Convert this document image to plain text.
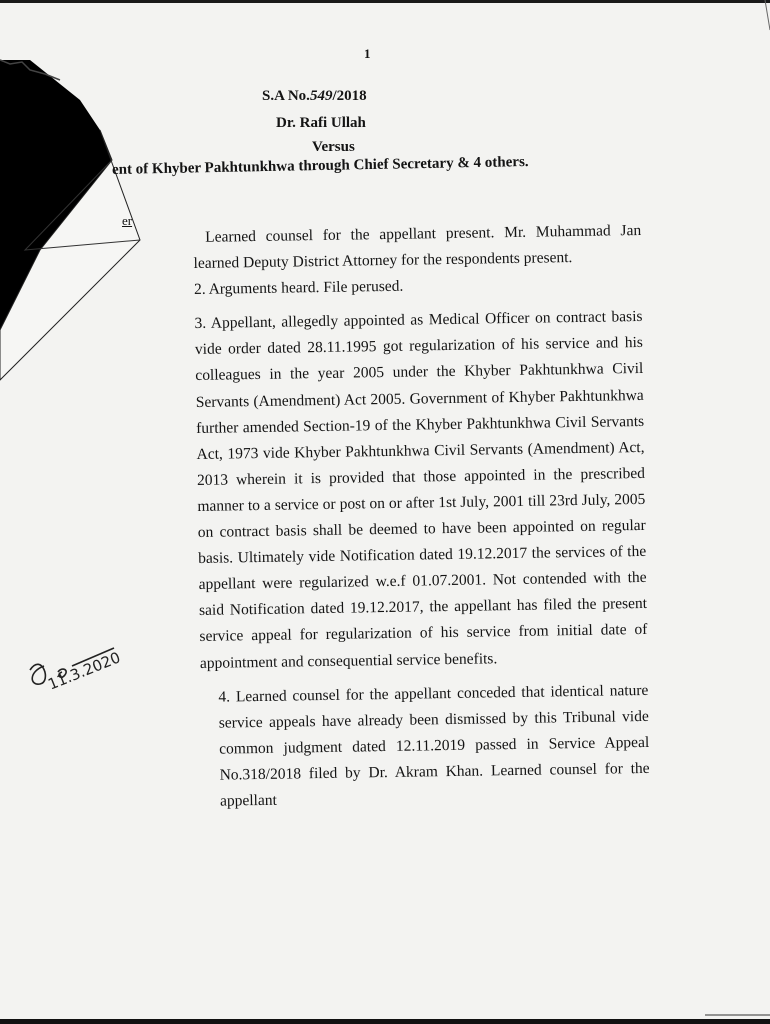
1
S.A No.549/2018
Dr. Rafi Ullah
Versus
ent of Khyber Pakhtunkhwa through Chief Secretary & 4 others.
er

Learned counsel for the appellant present. Mr. Muhammad Jan learned Deputy District Attorney for the respondents present.

2. Arguments heard. File perused.

3. Appellant, allegedly appointed as Medical Officer on contract basis vide order dated 28.11.1995 got regularization of his service and his colleagues in the year 2005 under the Khyber Pakhtunkhwa Civil Servants (Amendment) Act 2005. Government of Khyber Pakhtunkhwa further amended Section-19 of the Khyber Pakhtunkhwa Civil Servants Act, 1973 vide Khyber Pakhtunkhwa Civil Servants (Amendment) Act, 2013 wherein it is provided that those appointed in the prescribed manner to a service or post on or after 1st July, 2001 till 23rd July, 2005 on contract basis shall be deemed to have been appointed on regular basis. Ultimately vide Notification dated 19.12.2017 the services of the appellant were regularized w.e.f 01.07.2001. Not contended with the said Notification dated 19.12.2017, the appellant has filed the present service appeal for regularization of his service from initial date of appointment and consequential service benefits.

4. Learned counsel for the appellant conceded that identical nature service appeals have already been dismissed by this Tribunal vide common judgment dated 12.11.2019 passed in Service Appeal No.318/2018 filed by Dr. Akram Khan. Learned counsel for the appellant

11.3.2020
